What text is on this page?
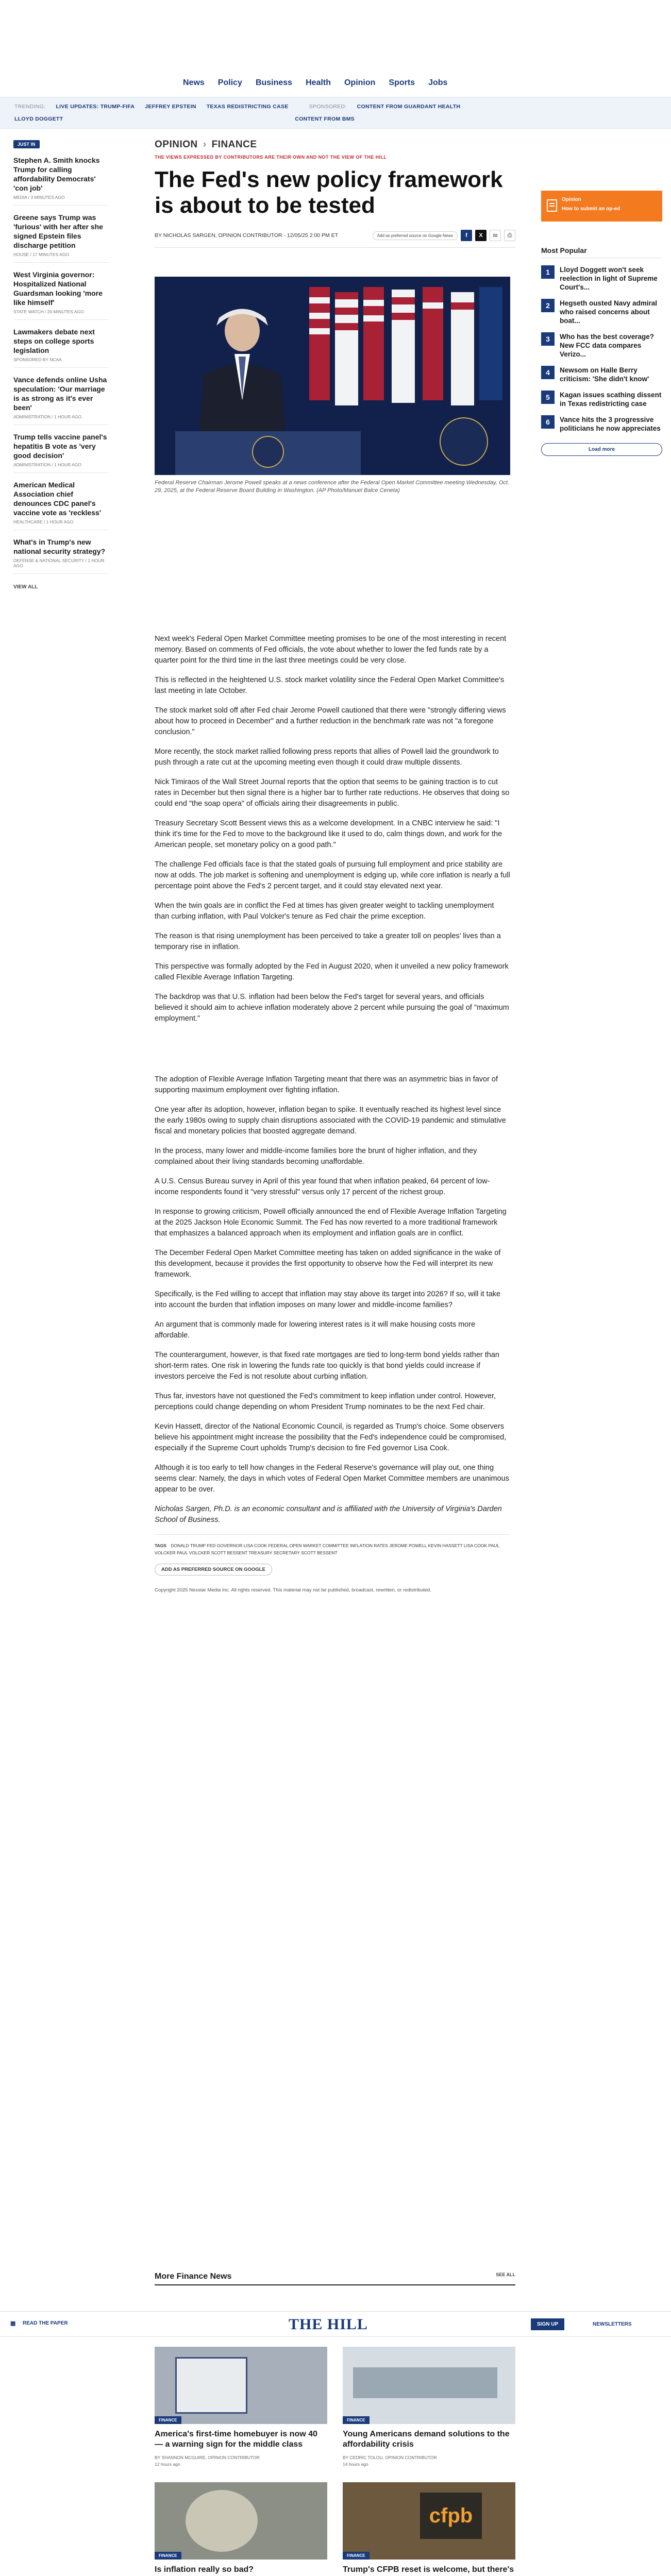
News Policy Business Health Opinion Sports Jobs
TRENDING: LIVE UPDATES: TRUMP-FIFA JEFFREY EPSTEIN TEXAS REDISTRICTING CASE	SPONSORED: CONTENT FROM GUARDANT HEALTH
LLOYD DOGGETT	CONTENT FROM BMS
JUST IN
Stephen A. Smith knocks Trump for calling affordability Democrats' 'con job'
MEDIA / 3 MINUTES AGO
Greene says Trump was 'furious' with her after she signed Epstein files discharge petition
HOUSE / 17 MINUTES AGO
West Virginia governor: Hospitalized National Guardsman looking 'more like himself'
STATE WATCH / 20 MINUTES AGO
Lawmakers debate next steps on college sports legislation
SPONSORED BY NCAA
Vance defends online Usha speculation: 'Our marriage is as strong as it's ever been'
ADMINISTRATION / 1 HOUR AGO
Trump tells vaccine panel's hepatitis B vote as 'very good decision'
ADMINISTRATION / 1 HOUR AGO
American Medical Association chief denounces CDC panel's vaccine vote as 'reckless'
HEALTHCARE / 1 HOUR AGO
What's in Trump's new national security strategy?
DEFENSE & NATIONAL SECURITY / 1 HOUR AGO
VIEW ALL
OPINION › FINANCE
THE VIEWS EXPRESSED BY CONTRIBUTORS ARE THEIR OWN AND NOT THE VIEW OF THE HILL
The Fed's new policy framework is about to be tested
BY NICHOLAS SARGEN, OPINION CONTRIBUTOR - 12/05/25 2:00 PM ET	Add as preferred source on Google News	f	X	✉	⎙
Federal Reserve Chairman Jerome Powell speaks at a news conference after the Federal Open Market Committee meeting Wednesday, Oct. 29, 2025, at the Federal Reserve Board Building in Washington. (AP Photo/Manuel Balce Ceneta)

Next week's Federal Open Market Committee meeting promises to be one of the most interesting in recent memory. Based on comments of Fed officials, the vote about whether to lower the fed funds rate by a quarter point for the third time in the last three meetings could be very close.

This is reflected in the heightened U.S. stock market volatility since the Federal Open Market Committee's last meeting in late October.

The stock market sold off after Fed chair Jerome Powell cautioned that there were "strongly differing views about how to proceed in December" and a further reduction in the benchmark rate was not "a foregone conclusion."

More recently, the stock market rallied following press reports that allies of Powell laid the groundwork to push through a rate cut at the upcoming meeting even though it could draw multiple dissents.

Nick Timiraos of the Wall Street Journal reports that the option that seems to be gaining traction is to cut rates in December but then signal there is a higher bar to further rate reductions. He observes that doing so could end "the soap opera" of officials airing their disagreements in public.

Treasury Secretary Scott Bessent views this as a welcome development. In a CNBC interview he said: "I think it's time for the Fed to move to the background like it used to do, calm things down, and work for the American people, set monetary policy on a good path."

The challenge Fed officials face is that the stated goals of pursuing full employment and price stability are now at odds. The job market is softening and unemployment is edging up, while core inflation is nearly a full percentage point above the Fed's 2 percent target, and it could stay elevated next year.

When the twin goals are in conflict the Fed at times has given greater weight to tackling unemployment than curbing inflation, with Paul Volcker's tenure as Fed chair the prime exception.

The reason is that rising unemployment has been perceived to take a greater toll on peoples' lives than a temporary rise in inflation.

This perspective was formally adopted by the Fed in August 2020, when it unveiled a new policy framework called Flexible Average Inflation Targeting.

The backdrop was that U.S. inflation had been below the Fed's target for several years, and officials believed it should aim to achieve inflation moderately above 2 percent while pursuing the goal of "maximum employment."

The adoption of Flexible Average Inflation Targeting meant that there was an asymmetric bias in favor of supporting maximum employment over fighting inflation.

One year after its adoption, however, inflation began to spike. It eventually reached its highest level since the early 1980s owing to supply chain disruptions associated with the COVID-19 pandemic and stimulative fiscal and monetary policies that boosted aggregate demand.

In the process, many lower and middle-income families bore the brunt of higher inflation, and they complained about their living standards becoming unaffordable.

A U.S. Census Bureau survey in April of this year found that when inflation peaked, 64 percent of low-income respondents found it "very stressful" versus only 17 percent of the richest group.

In response to growing criticism, Powell officially announced the end of Flexible Average Inflation Targeting at the 2025 Jackson Hole Economic Summit. The Fed has now reverted to a more traditional framework that emphasizes a balanced approach when its employment and inflation goals are in conflict.

The December Federal Open Market Committee meeting has taken on added significance in the wake of this development, because it provides the first opportunity to observe how the Fed will interpret its new framework.

Specifically, is the Fed willing to accept that inflation may stay above its target into 2026? If so, will it take into account the burden that inflation imposes on many lower and middle-income families?

An argument that is commonly made for lowering interest rates is it will make housing costs more affordable.

The counterargument, however, is that fixed rate mortgages are tied to long-term bond yields rather than short-term rates. One risk in lowering the funds rate too quickly is that bond yields could increase if investors perceive the Fed is not resolute about curbing inflation.

Thus far, investors have not questioned the Fed's commitment to keep inflation under control. However, perceptions could change depending on whom President Trump nominates to be the next Fed chair.

Kevin Hassett, director of the National Economic Council, is regarded as Trump's choice. Some observers believe his appointment might increase the possibility that the Fed's independence could be compromised, especially if the Supreme Court upholds Trump's decision to fire Fed governor Lisa Cook.

Although it is too early to tell how changes in the Federal Reserve's governance will play out, one thing seems clear: Namely, the days in which votes of Federal Open Market Committee members are unanimous appear to be over.

Nicholas Sargen, Ph.D. is an economic consultant and is affiliated with the University of Virginia's Darden School of Business.

TAGS DONALD TRUMP FED GOVERNOR LISA COOK FEDERAL OPEN MARKET COMMITTEE INFLATION RATES JEROME POWELL KEVIN HASSETT LISA COOK PAUL VOLCKER PAUL VOLCKER SCOTT BESSENT TREASURY SECRETARY SCOTT BESSENT
ADD AS PREFERRED SOURCE ON GOOGLE
Copyright 2025 Nexstar Media Inc. All rights reserved. This material may not be published, broadcast, rewritten, or redistributed.
Opinion
How to submit an op-ed
Most Popular
1	Lloyd Doggett won't seek reelection in light of Supreme Court's...
2	Hegseth ousted Navy admiral who raised concerns about boat...
3	Who has the best coverage? New FCC data compares Verizo...
4	Newsom on Halle Berry criticism: 'She didn't know'
5	Kagan issues scathing dissent in Texas redistricting case
6	Vance hits the 3 progressive politicians he now appreciates
Load more
More Finance News	SEE ALL
▦ READ THE PAPER	THE HILL	SIGN UP	NEWSLETTERS
FINANCE
America's first-time homebuyer is now 40 — a warning sign for the middle class
BY SHANNON MCGUIRE, OPINION CONTRIBUTOR
12 hours ago
FINANCE
Young Americans demand solutions to the affordability crisis
BY CEDRIC TOLOU, OPINION CONTRIBUTOR
14 hours ago
FINANCE
Is inflation really so bad?
cfpb
FINANCE
Trump's CFPB reset is welcome, but there's
